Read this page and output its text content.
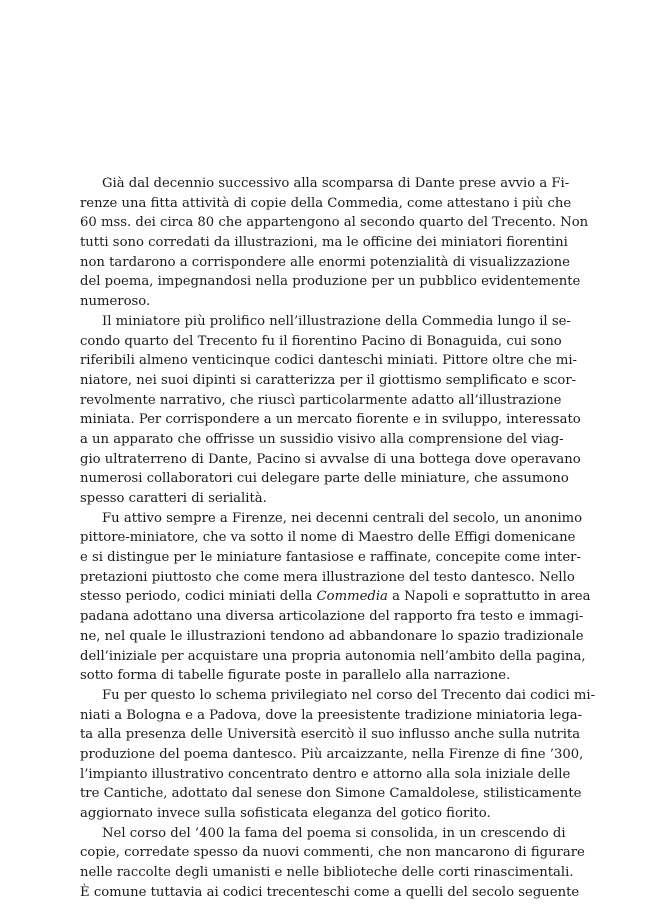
Già dal decennio successivo alla scomparsa di Dante prese avvio a Fi-
renze una fitta attività di copie della Commedia, come attestano i più che
60 mss. dei circa 80 che appartengono al secondo quarto del Trecento. Non
tutti sono corredati da illustrazioni, ma le officine dei miniatori fiorentini
non tardarono a corrispondere alle enormi potenzialità di visualizzazione
del poema, impegnandosi nella produzione per un pubblico evidentemente
numeroso.
Il miniatore più prolifico nell’illustrazione della Commedia lungo il se-
condo quarto del Trecento fu il fiorentino Pacino di Bonaguida, cui sono
riferibili almeno venticinque codici danteschi miniati. Pittore oltre che mi-
niatore, nei suoi dipinti si caratterizza per il giottismo semplificato e scor-
revolmente narrativo, che riuscì particolarmente adatto all’illustrazione
miniata. Per corrispondere a un mercato fiorente e in sviluppo, interessato
a un apparato che offrisse un sussidio visivo alla comprensione del viag-
gio ultraterreno di Dante, Pacino si avvalse di una bottega dove operavano
numerosi collaboratori cui delegare parte delle miniature, che assumono
spesso caratteri di serialità.
Fu attivo sempre a Firenze, nei decenni centrali del secolo, un anonimo
pittore-miniatore, che va sotto il nome di Maestro delle Effigi domenicane
e si distingue per le miniature fantasiose e raffinate, concepite come inter-
pretazioni piuttosto che come mera illustrazione del testo dantesco. Nello
stesso periodo, codici miniati della Commedia a Napoli e soprattutto in area
padana adottano una diversa articolazione del rapporto fra testo e immagi-
ne, nel quale le illustrazioni tendono ad abbandonare lo spazio tradizionale
dell’iniziale per acquistare una propria autonomia nell’ambito della pagina,
sotto forma di tabelle figurate poste in parallelo alla narrazione.
Fu per questo lo schema privilegiato nel corso del Trecento dai codici mi-
niati a Bologna e a Padova, dove la preesistente tradizione miniatoria lega-
ta alla presenza delle Università esercitò il suo influsso anche sulla nutrita
produzione del poema dantesco. Più arcaizzante, nella Firenze di fine ’300,
l’impianto illustrativo concentrato dentro e attorno alla sola iniziale delle
tre Cantiche, adottato dal senese don Simone Camaldolese, stilisticamente
aggiornato invece sulla sofisticata eleganza del gotico fiorito.
Nel corso del ’400 la fama del poema si consolida, in un crescendo di
copie, corredate spesso da nuovi commenti, che non mancarono di figurare
nelle raccolte degli umanisti e nelle biblioteche delle corti rinascimentali.
È comune tuttavia ai codici trecenteschi come a quelli del secolo seguente
